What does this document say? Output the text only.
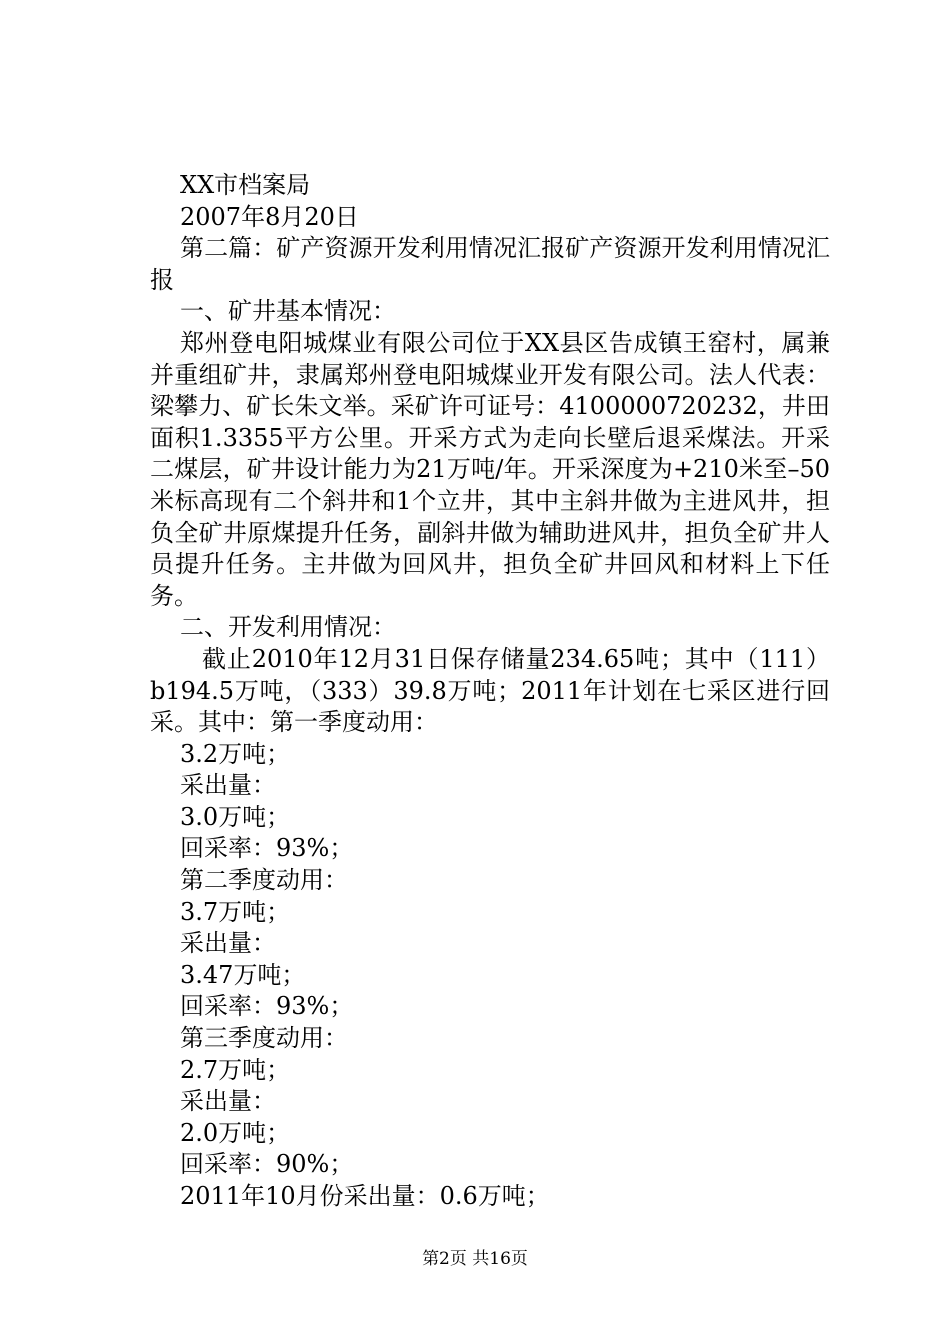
XX市档案局
2007年8月20日
第二篇：矿产资源开发利用情况汇报矿产资源开发利用情况汇报
一、矿井基本情况：
郑州登电阳城煤业有限公司位于XX县区告成镇王窑村，属兼并重组矿井，隶属郑州登电阳城煤业开发有限公司。法人代表：梁攀力、矿长朱文举。采矿许可证号：4100000720232，井田面积1.3355平方公里。开采方式为走向长壁后退采煤法。开采二煤层，矿井设计能力为21万吨/年。开采深度为+210米至–50米标高现有二个斜井和1个立井，其中主斜井做为主进风井，担负全矿井原煤提升任务，副斜井做为辅助进风井，担负全矿井人员提升任务。主井做为回风井，担负全矿井回风和材料上下任务。
二、开发利用情况：
截止2010年12月31日保存储量234.65吨；其中（111）b194.5万吨，（333）39.8万吨；2011年计划在七采区进行回采。其中：第一季度动用：
3.2万吨；
采出量：
3.0万吨；
回采率：93%；
第二季度动用：
3.7万吨；
采出量：
3.47万吨；
回采率：93%；
第三季度动用：
2.7万吨；
采出量：
2.0万吨；
回采率：90%；
2011年10月份采出量：0.6万吨；
第2页 共16页
